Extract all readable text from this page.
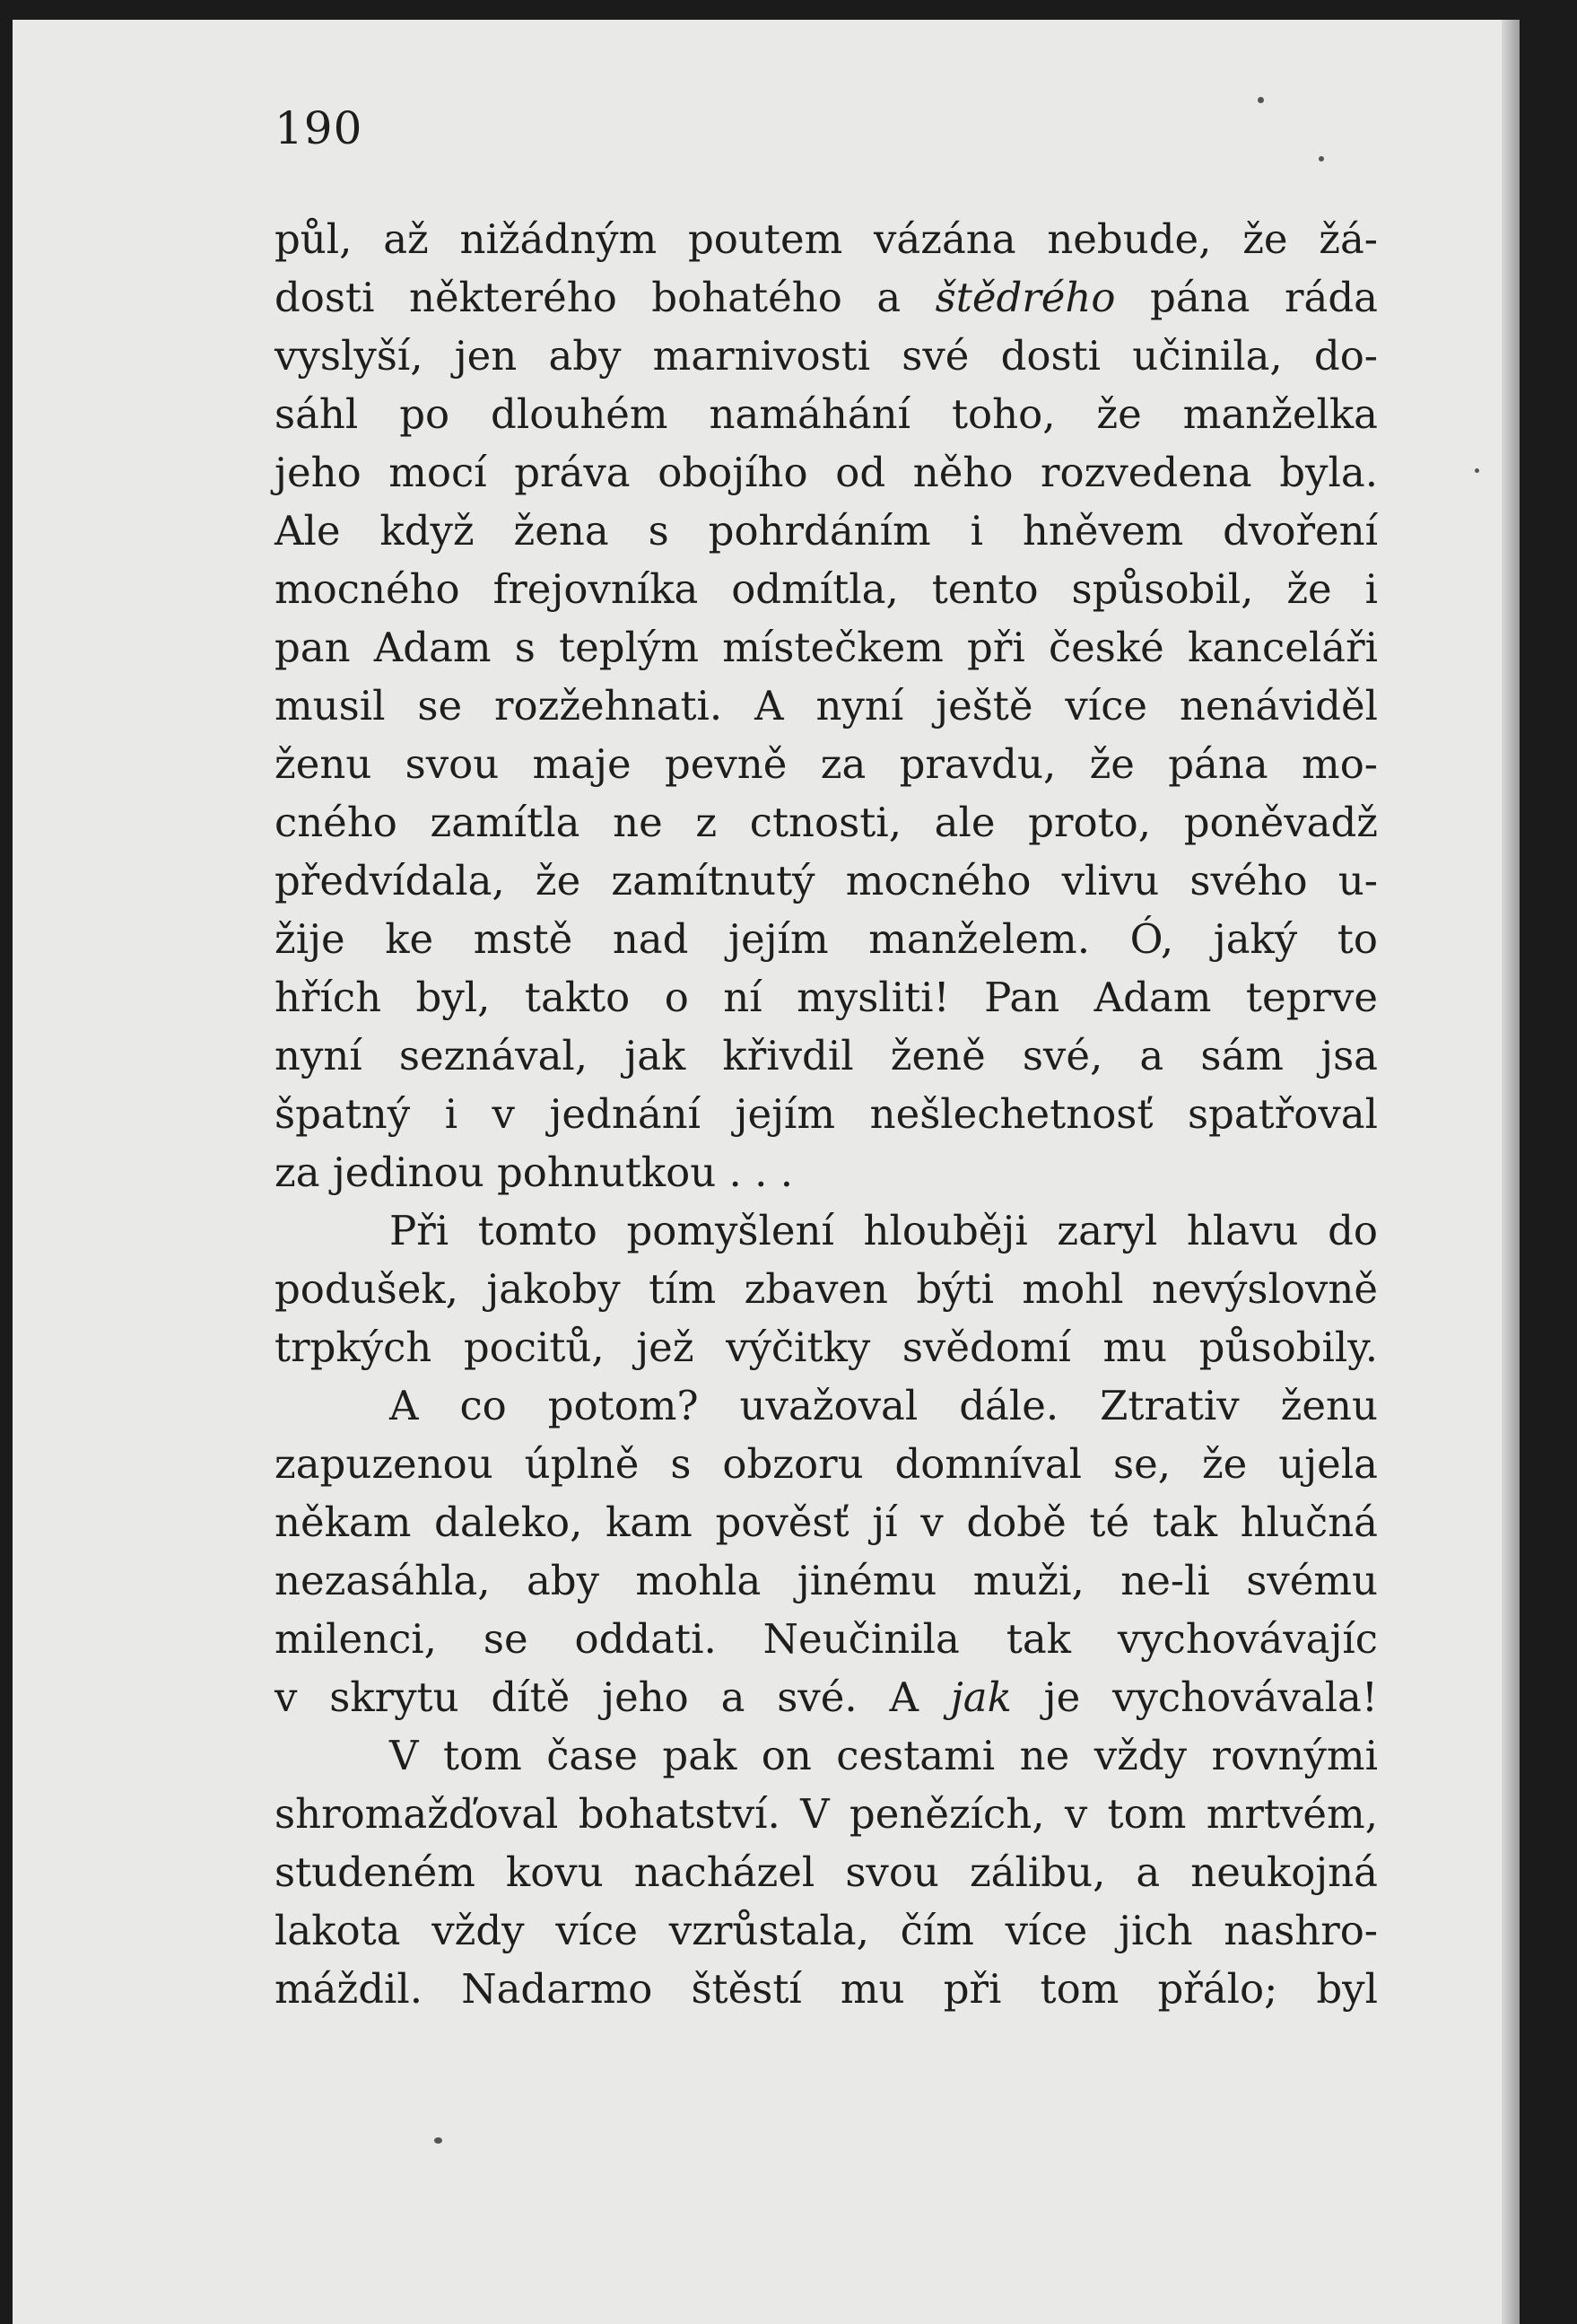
190
půl, až nižádným poutem vázána nebude, že žá-
dosti některého bohatého a štědrého pána ráda
vyslyší, jen aby marnivosti své dosti učinila, do-
sáhl po dlouhém namáhání toho, že manželka
jeho mocí práva obojího od něho rozvedena byla.
Ale když žena s pohrdáním i hněvem dvoření
mocného frejovníka odmítla, tento spůsobil, že i
pan Adam s teplým místečkem při české kanceláři
musil se rozžehnati. A nyní ještě více nenáviděl
ženu svou maje pevně za pravdu, že pána mo-
cného zamítla ne z ctnosti, ale proto, poněvadž
předvídala, že zamítnutý mocného vlivu svého u-
žije ke mstě nad jejím manželem. Ó, jaký to
hřích byl, takto o ní mysliti! Pan Adam teprve
nyní seznával, jak křivdil ženě své, a sám jsa
špatný i v jednání jejím nešlechetnosť spatřoval
za jedinou pohnutkou . . .
Při tomto pomyšlení hlouběji zaryl hlavu do
podušek, jakoby tím zbaven býti mohl nevýslovně
trpkých pocitů, jež výčitky svědomí mu působily.
A co potom? uvažoval dále. Ztrativ ženu
zapuzenou úplně s obzoru domníval se, že ujela
někam daleko, kam pověsť jí v době té tak hlučná
nezasáhla, aby mohla jinému muži, ne-li svému
milenci, se oddati. Neučinila tak vychovávajíc
v skrytu dítě jeho a své. A jak je vychovávala!
V tom čase pak on cestami ne vždy rovnými
shromažďoval bohatství. V penězích, v tom mrtvém,
studeném kovu nacházel svou zálibu, a neukojná
lakota vždy více vzrůstala, čím více jich nashro-
máždil. Nadarmo štěstí mu při tom přálo; byl
